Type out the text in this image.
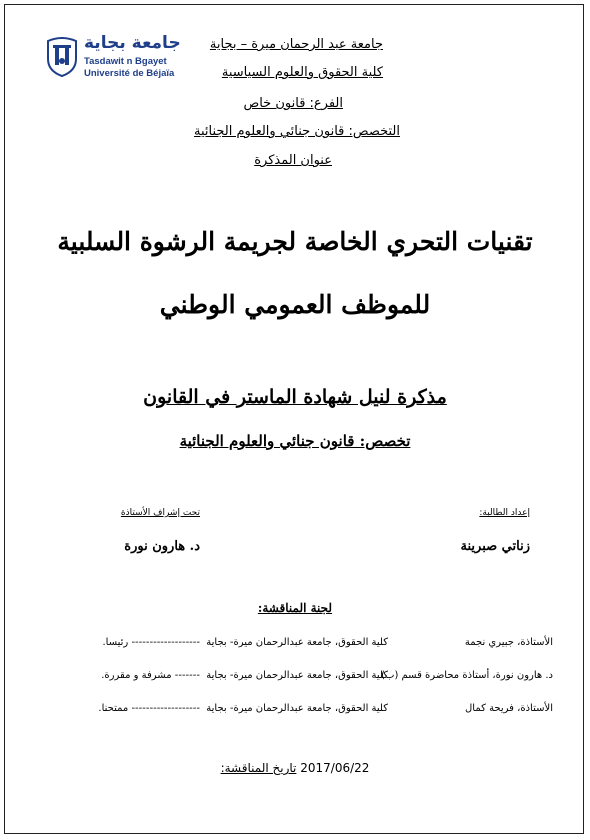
جامعة بجاية
Tasdawit n Bgayet
Université de Béjaïa
جامعة عبد الرحمان ميرة – بجاية
كلية الحقوق والعلوم السياسية
الفرع: قانون خاص
التخصص: قانون جنائي والعلوم الجنائية
عنوان المذكرة
تقنيات التحري الخاصة لجريمة الرشوة السلبية
للموظف العمومي الوطني
مذكرة لنيل شهادة الماستر في القانون
تخصص: قانون جنائي والعلوم الجنائية
إعداد الطالبة:
زناتي صبرينة
تحت إشراف الأستاذة
د. هارون نورة
لجنة المناقشة:
الأستاذة، جبيري نجمة
كلية الحقوق، جامعة عبدالرحمان ميرة- بجاية
------------------- رئيسا.
د. هارون نورة، أستاذة محاضرة قسم (ب)
كلية الحقوق، جامعة عبدالرحمان ميرة- بجاية
------- مشرفة و مقررة.
الأستاذة، فريحة كمال
كلية الحقوق، جامعة عبدالرحمان ميرة- بجاية
------------------- ممتحنا.
تاريخ المناقشة: 2017/06/22
